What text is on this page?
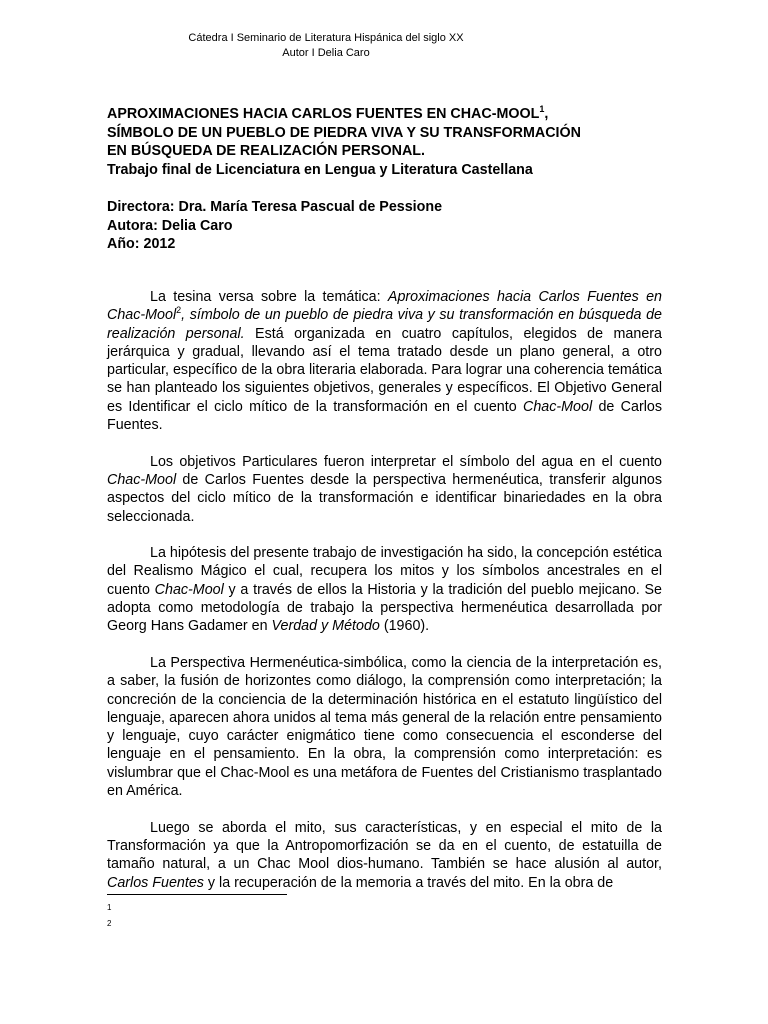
Cátedra I Seminario de Literatura Hispánica del siglo XX
Autor I Delia Caro
APROXIMACIONES HACIA CARLOS FUENTES EN CHAC-MOOL$^1$,
SÍMBOLO DE UN PUEBLO DE PIEDRA VIVA Y SU TRANSFORMACIÓN
EN BÚSQUEDA DE REALIZACIÓN PERSONAL.
Trabajo final de Licenciatura en Lengua y Literatura Castellana
Directora: Dra. María Teresa Pascual de Pessione
Autora: Delia Caro
Año: 2012

La tesina versa sobre la temática: Aproximaciones hacia Carlos Fuentes en Chac-Mool$^2$, símbolo de un pueblo de piedra viva y su transformación en búsqueda de realización personal. Está organizada en cuatro capítulos, elegidos de manera jerárquica y gradual, llevando así el tema tratado desde un plano general, a otro particular, específico de la obra literaria elaborada. Para lograr una coherencia temática se han planteado los siguientes objetivos, generales y específicos. El Objetivo General es Identificar el ciclo mítico de la transformación en el cuento Chac-Mool de Carlos Fuentes.

Los objetivos Particulares fueron interpretar el símbolo del agua en el cuento Chac-Mool de Carlos Fuentes desde la perspectiva hermenéutica, transferir algunos aspectos del ciclo mítico de la transformación e identificar binariedades en la obra seleccionada.

La hipótesis del presente trabajo de investigación ha sido, la concepción estética del Realismo Mágico el cual, recupera los mitos y los símbolos ancestrales en el cuento Chac-Mool y a través de ellos la Historia y la tradición del pueblo mejicano. Se adopta como metodología de trabajo la perspectiva hermenéutica desarrollada por Georg Hans Gadamer en Verdad y Método (1960).

La Perspectiva Hermenéutica-simbólica, como la ciencia de la interpretación es, a saber, la fusión de horizontes como diálogo, la comprensión como interpretación; la concreción de la conciencia de la determinación histórica en el estatuto lingüístico del lenguaje, aparecen ahora unidos al tema más general de la relación entre pensamiento y lenguaje, cuyo carácter enigmático tiene como consecuencia el esconderse del lenguaje en el pensamiento. En la obra, la comprensión como interpretación: es vislumbrar que el Chac-Mool es una metáfora de Fuentes del Cristianismo trasplantado en América.

Luego se aborda el mito, sus características, y en especial el mito de la Transformación ya que la Antropomorfización se da en el cuento, de estatuilla de tamaño natural, a un Chac Mool dios-humano. También se hace alusión al autor, Carlos Fuentes y la recuperación de la memoria a través del mito. En la obra de

1
2
